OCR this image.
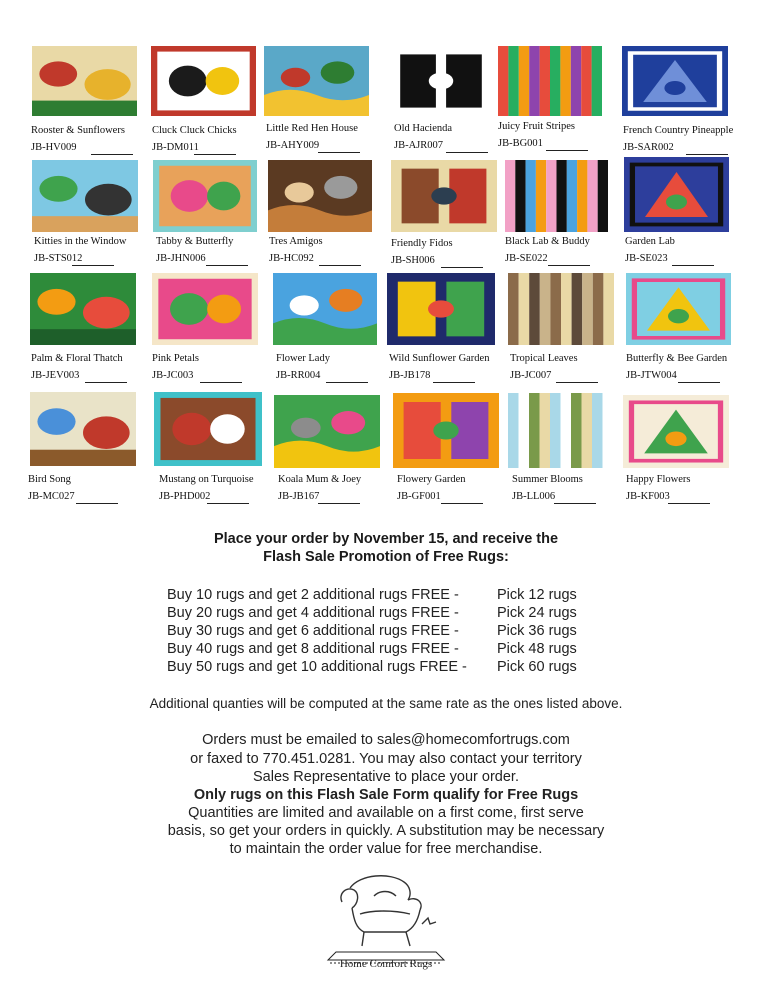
Rooster & Sunflowers
JB-HV009
Cluck Cluck Chicks
JB-DM011
Little Red Hen House
JB-AHY009
Old Hacienda
JB-AJR007
Juicy Fruit Stripes
JB-BG001
French Country Pineapple
JB-SAR002
Kitties in the Window
JB-STS012
Tabby & Butterfly
JB-JHN006
Tres Amigos
JB-HC092
Friendly Fidos
JB-SH006
Black Lab & Buddy
JB-SE022
Garden Lab
JB-SE023
Palm & Floral Thatch
JB-JEV003
Pink Petals
JB-JC003
Flower Lady
JB-RR004
Wild Sunflower Garden
JB-JB178
Tropical Leaves
JB-JC007
Butterfly & Bee Garden
JB-JTW004
Bird Song
JB-MC027
Mustang on Turquoise
JB-PHD002
Koala Mum & Joey
JB-JB167
Flowery Garden
JB-GF001
Summer Blooms
JB-LL006
Happy Flowers
JB-KF003
Place your order by November 15, and receive the
Flash Sale Promotion of Free Rugs:
Buy 10 rugs and get 2 additional rugs FREE -	Pick 12 rugs
Buy 20 rugs and get 4 additional rugs FREE -	Pick 24 rugs
Buy 30 rugs and get 6 additional rugs FREE -	Pick 36 rugs
Buy 40 rugs and get 8 additional rugs FREE -	Pick 48 rugs
Buy 50 rugs and get 10 additional rugs FREE - Pick 60 rugs
Additional quanties will be computed at the same rate as the ones listed above.
Orders must be emailed to sales@homecomfortrugs.com
or faxed to 770.451.0281. You may also contact your territory
Sales Representative to place your order.
Only rugs on this Flash Sale Form qualify for Free Rugs
Quantities are limited and available on a first come, first serve
basis, so get your orders in quickly. A substitution may be necessary
to maintain the order value for free merchandise.
Home Comfort Rugs
